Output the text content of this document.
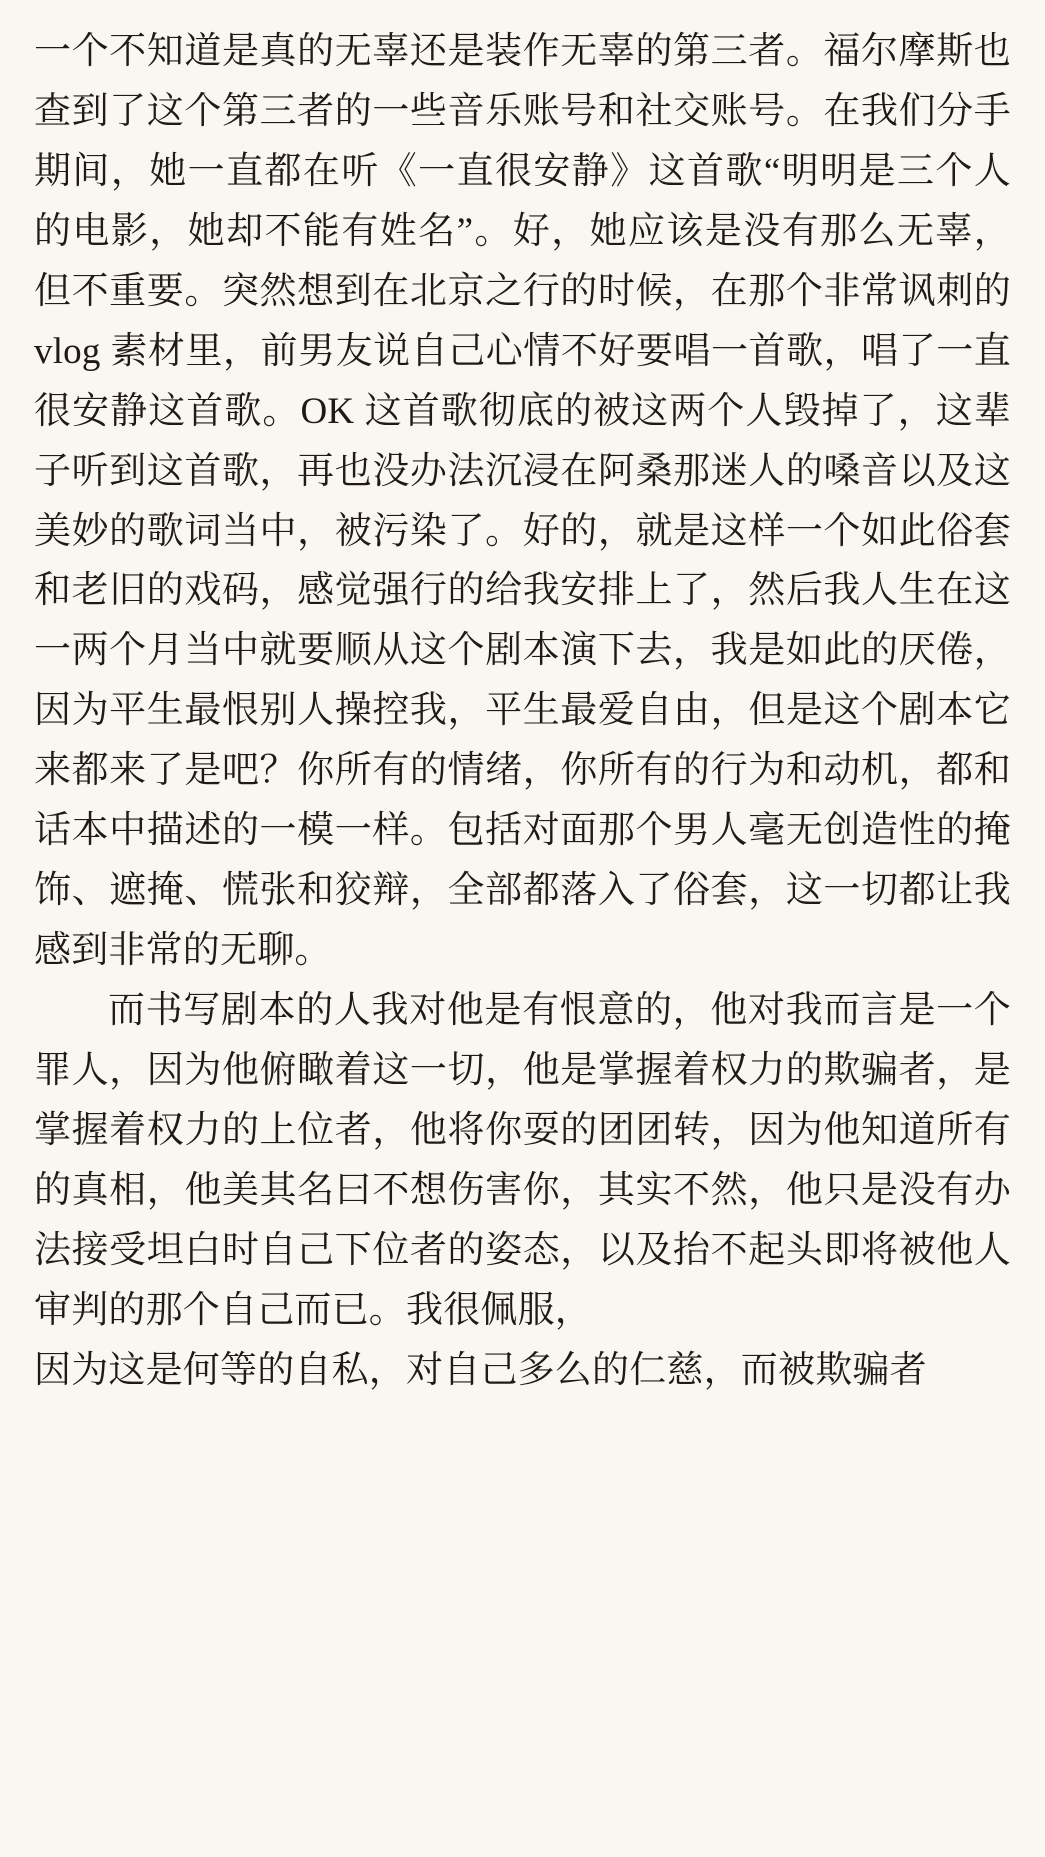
一个不知道是真的无辜还是装作无辜的第三者。福尔摩斯也查到了这个第三者的一些音乐账号和社交账号。在我们分手期间，她一直都在听《一直很安静》这首歌“明明是三个人的电影，她却不能有姓名”。好，她应该是没有那么无辜，但不重要。突然想到在北京之行的时候，在那个非常讽刺的 vlog 素材里，前男友说自己心情不好要唱一首歌，唱了一直很安静这首歌。OK 这首歌彻底的被这两个人毁掉了，这辈子听到这首歌，再也没办法沉浸在阿桑那迷人的嗓音以及这美妙的歌词当中，被污染了。好的，就是这样一个如此俗套和老旧的戏码，感觉强行的给我安排上了，然后我人生在这一两个月当中就要顺从这个剧本演下去，我是如此的厌倦，因为平生最恨别人操控我，平生最爱自由，但是这个剧本它来都来了是吧？你所有的情绪，你所有的行为和动机，都和话本中描述的一模一样。包括对面那个男人毫无创造性的掩饰、遮掩、慌张和狡辩，全部都落入了俗套，这一切都让我感到非常的无聊。

而书写剧本的人我对他是有恨意的，他对我而言是一个罪人，因为他俯瞰着这一切，他是掌握着权力的欺骗者，是掌握着权力的上位者，他将你耍的团团转，因为他知道所有的真相，他美其名曰不想伤害你，其实不然，他只是没有办法接受坦白时自己下位者的姿态，以及抬不起头即将被他人审判的那个自己而已。我很佩服，

因为这是何等的自私，对自己多么的仁慈，而被欺骗者
